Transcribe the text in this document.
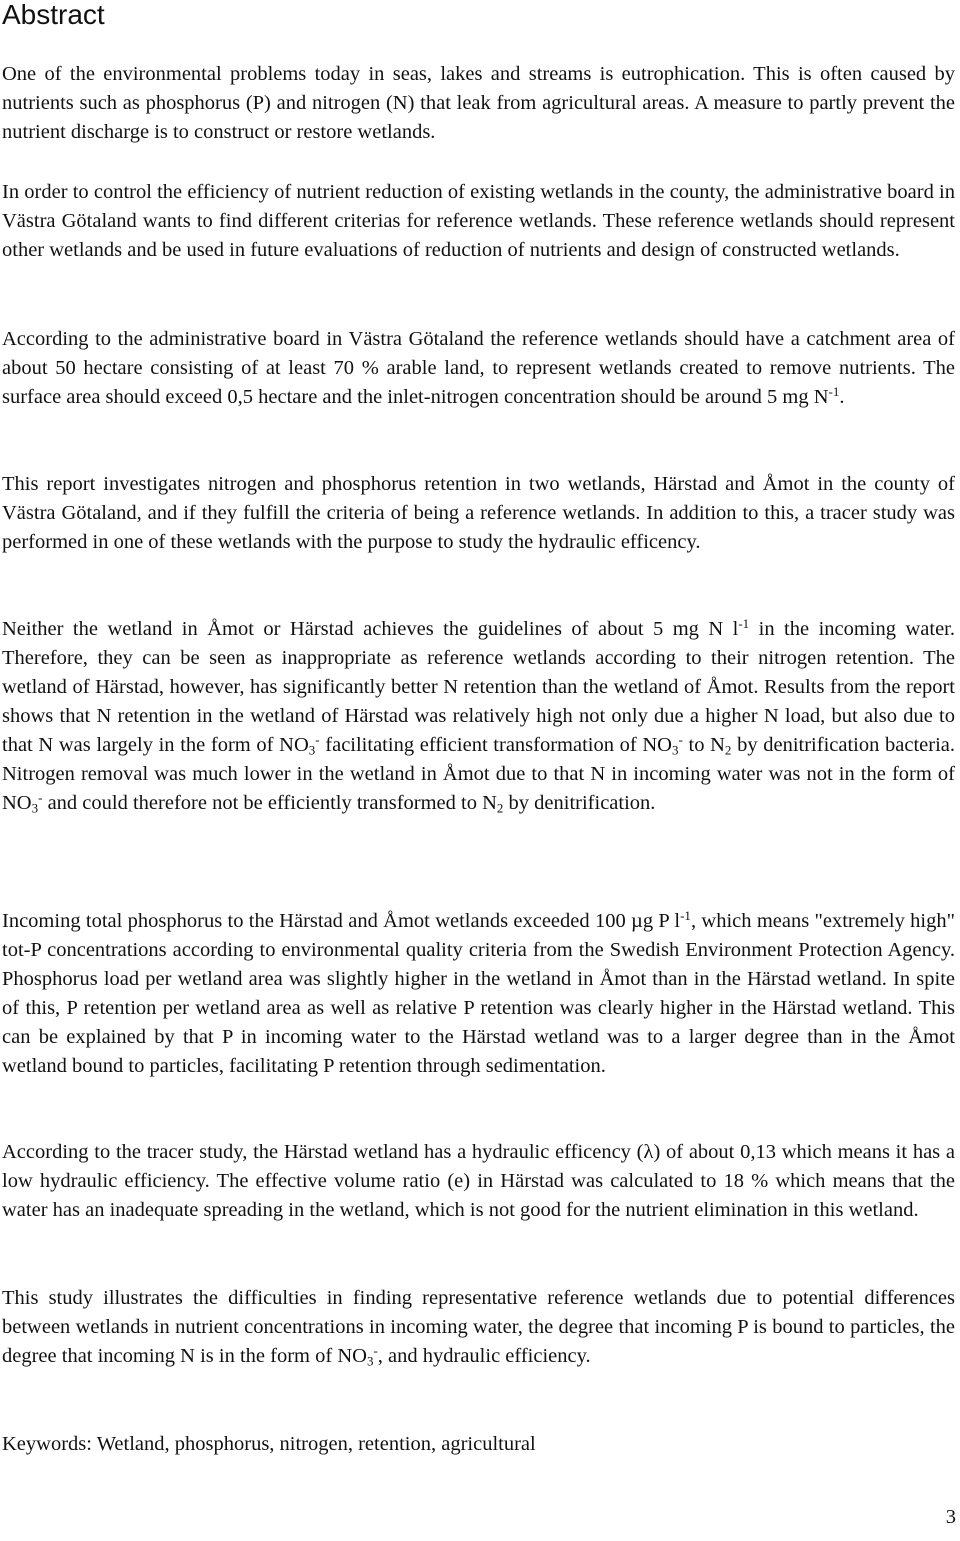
Abstract

One of the environmental problems today in seas, lakes and streams is eutrophication. This is often caused by nutrients such as phosphorus (P) and nitrogen (N) that leak from agricultural areas. A measure to partly prevent the nutrient discharge is to construct or restore wetlands.

In order to control the efficiency of nutrient reduction of existing wetlands in the county, the administrative board in Västra Götaland wants to find different criterias for reference wetlands. These reference wetlands should represent other wetlands and be used in future evaluations of reduction of nutrients and design of constructed wetlands.

According to the administrative board in Västra Götaland the reference wetlands should have a catchment area of about 50 hectare consisting of at least 70 % arable land, to represent wetlands created to remove nutrients. The surface area should exceed 0,5 hectare and the inlet-nitrogen concentration should be around 5 mg $N^{-1}$.

This report investigates nitrogen and phosphorus retention in two wetlands, Härstad and Åmot in the county of Västra Götaland, and if they fulfill the criteria of being a reference wetlands. In addition to this, a tracer study was performed in one of these wetlands with the purpose to study the hydraulic efficency.

Neither the wetland in Åmot or Härstad achieves the guidelines of about 5 mg N $l^{-1}$ in the incoming water. Therefore, they can be seen as inappropriate as reference wetlands according to their nitrogen retention. The wetland of Härstad, however, has significantly better N retention than the wetland of Åmot. Results from the report shows that N retention in the wetland of Härstad was relatively high not only due a higher N load, but also due to that N was largely in the form of $NO_3^-$ facilitating efficient transformation of $NO_3^-$ to $N_2$ by denitrification bacteria. Nitrogen removal was much lower in the wetland in Åmot due to that N in incoming water was not in the form of $NO_3^-$ and could therefore not be efficiently transformed to $N_2$ by denitrification.

Incoming total phosphorus to the Härstad and Åmot wetlands exceeded 100 µg P $l^{-1}$, which means "extremely high" tot-P concentrations according to environmental quality criteria from the Swedish Environment Protection Agency. Phosphorus load per wetland area was slightly higher in the wetland in Åmot than in the Härstad wetland. In spite of this, P retention per wetland area as well as relative P retention was clearly higher in the Härstad wetland. This can be explained by that P in incoming water to the Härstad wetland was to a larger degree than in the Åmot wetland bound to particles, facilitating P retention through sedimentation.

According to the tracer study, the Härstad wetland has a hydraulic efficency (λ) of about 0,13 which means it has a low hydraulic efficiency. The effective volume ratio (e) in Härstad was calculated to 18 % which means that the water has an inadequate spreading in the wetland, which is not good for the nutrient elimination in this wetland.

This study illustrates the difficulties in finding representative reference wetlands due to potential differences between wetlands in nutrient concentrations in incoming water, the degree that incoming P is bound to particles, the degree that incoming N is in the form of $NO_3^-$, and hydraulic efficiency.

Keywords: Wetland, phosphorus, nitrogen, retention, agricultural

3
